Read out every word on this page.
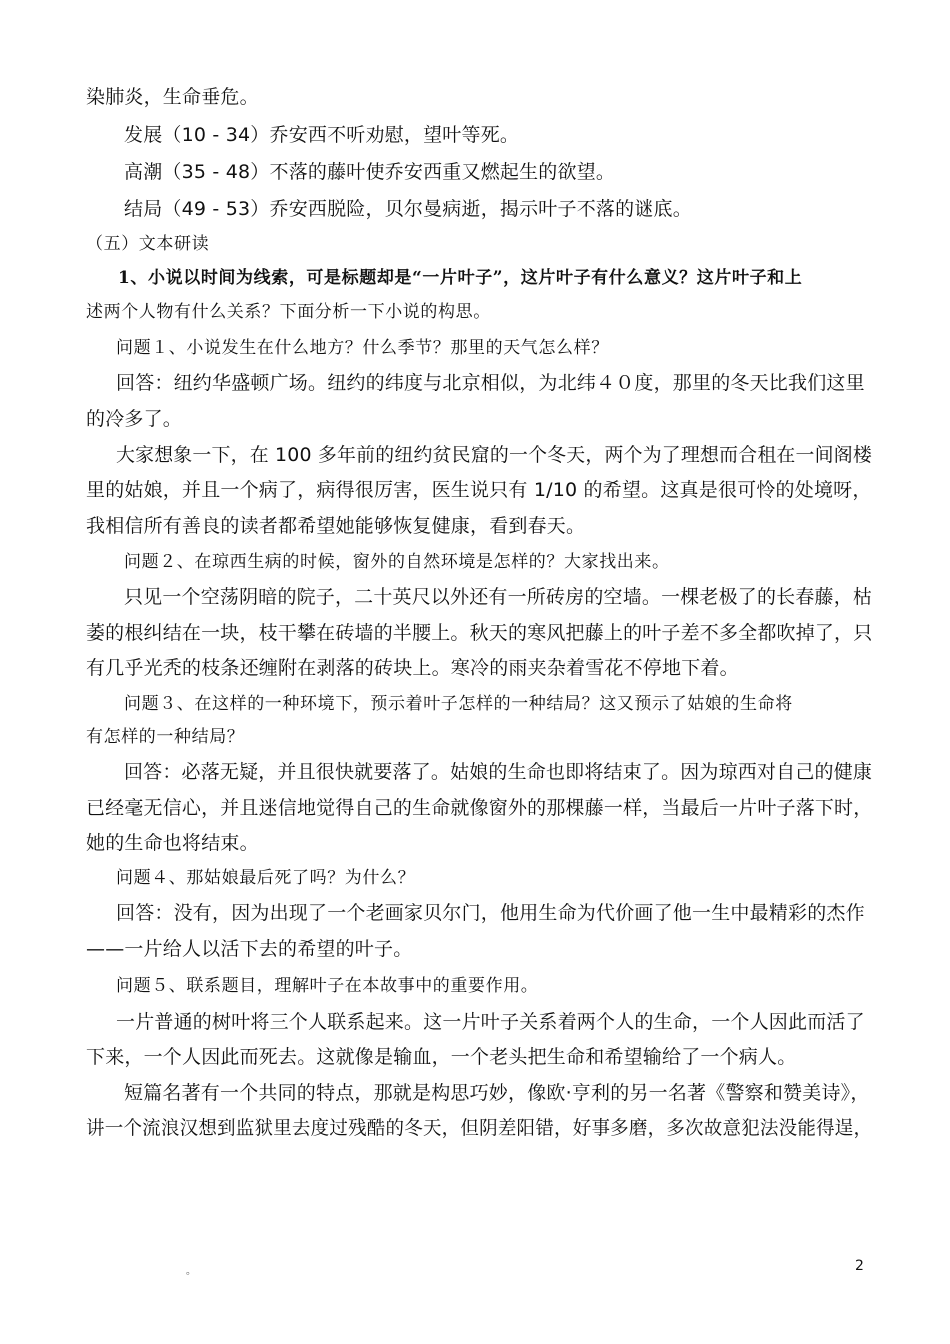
染肺炎，生命垂危。
发展（10 - 34）乔安西不听劝慰，望叶等死。
高潮（35 - 48）不落的藤叶使乔安西重又燃起生的欲望。
结局（49 - 53）乔安西脱险，贝尔曼病逝，揭示叶子不落的谜底。
（五）文本研读
1、小说以时间为线索，可是标题却是“一片叶子”，这片叶子有什么意义？这片叶子和上
述两个人物有什么关系？下面分析一下小说的构思。
问题１、小说发生在什么地方？什么季节？那里的天气怎么样？
回答：纽约华盛顿广场。纽约的纬度与北京相似，为北纬４０度，那里的冬天比我们这里
的冷多了。
大家想象一下，在 100 多年前的纽约贫民窟的一个冬天，两个为了理想而合租在一间阁楼
里的姑娘，并且一个病了，病得很厉害，医生说只有 1/10 的希望。这真是很可怜的处境呀，
我相信所有善良的读者都希望她能够恢复健康，看到春天。
问题２、在琼西生病的时候，窗外的自然环境是怎样的？大家找出来。
只见一个空荡阴暗的院子，二十英尺以外还有一所砖房的空墙。一棵老极了的长春藤，枯
萎的根纠结在一块，枝干攀在砖墙的半腰上。秋天的寒风把藤上的叶子差不多全都吹掉了，只
有几乎光秃的枝条还缠附在剥落的砖块上。寒冷的雨夹杂着雪花不停地下着。
问题３、在这样的一种环境下，预示着叶子怎样的一种结局？这又预示了姑娘的生命将
有怎样的一种结局？
回答：必落无疑，并且很快就要落了。姑娘的生命也即将结束了。因为琼西对自己的健康
已经毫无信心，并且迷信地觉得自己的生命就像窗外的那棵藤一样，当最后一片叶子落下时，
她的生命也将结束。
问题４、那姑娘最后死了吗？为什么？
回答：没有，因为出现了一个老画家贝尔门，他用生命为代价画了他一生中最精彩的杰作
——一片给人以活下去的希望的叶子。
问题５、联系题目，理解叶子在本故事中的重要作用。
一片普通的树叶将三个人联系起来。这一片叶子关系着两个人的生命，一个人因此而活了
下来，一个人因此而死去。这就像是输血，一个老头把生命和希望输给了一个病人。
短篇名著有一个共同的特点，那就是构思巧妙，像欧·亨利的另一名著《警察和赞美诗》，
讲一个流浪汉想到监狱里去度过残酷的冬天，但阴差阳错，好事多磨，多次故意犯法没能得逞，
。	2
